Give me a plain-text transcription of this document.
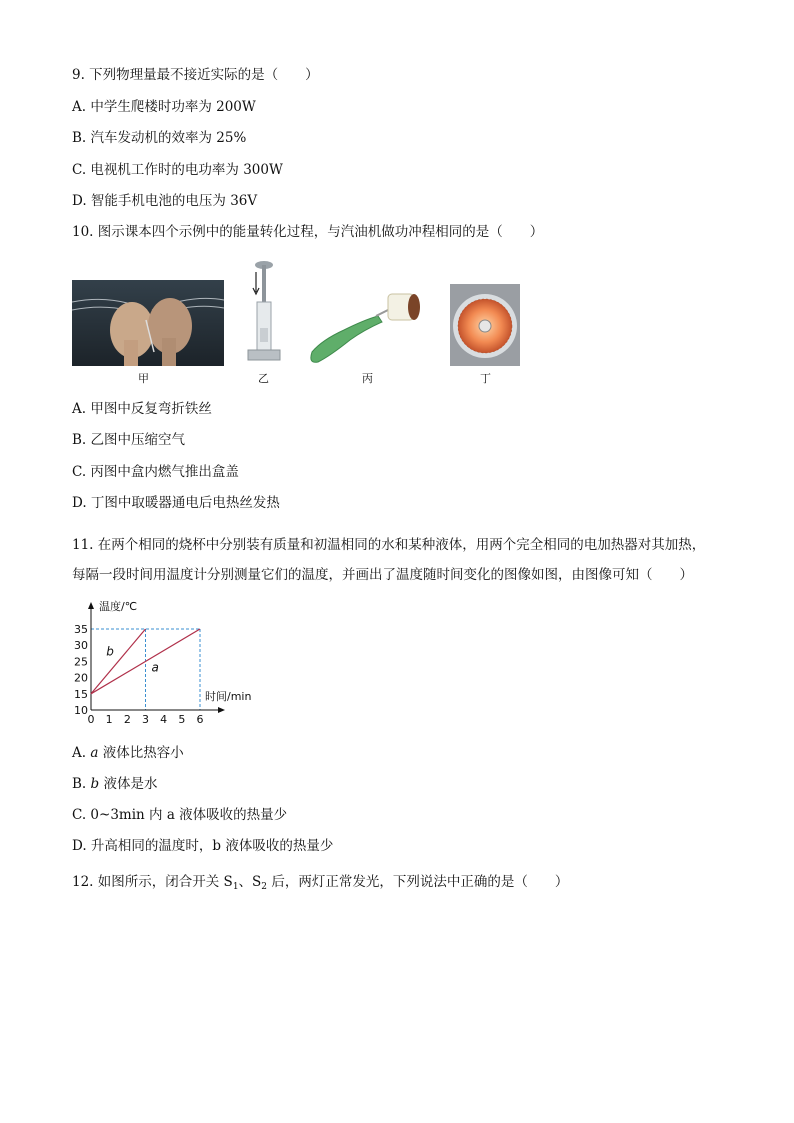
9. 下列物理量最不接近实际的是（　　）
A. 中学生爬楼时功率为 200W
B. 汽车发动机的效率为 25%
C. 电视机工作时的电功率为 300W
D. 智能手机电池的电压为 36V
10. 图示课本四个示例中的能量转化过程，与汽油机做功冲程相同的是（　　）
甲	乙	丙	丁
A. 甲图中反复弯折铁丝
B. 乙图中压缩空气
C. 丙图中盒内燃气推出盒盖
D. 丁图中取暖器通电后电热丝发热
11. 在两个相同的烧杯中分别装有质量和初温相同的水和某种液体，用两个完全相同的电加热器对其加热，
每隔一段时间用温度计分别测量它们的温度，并画出了温度随时间变化的图像如图，由图像可知（　　）
10
15
20
25
30
35
0 1 2 3 4 5 6
b
a
温度/℃
时间/min
A. a 液体比热容小
B. b 液体是水
C. 0~3min 内 a 液体吸收的热量少
D. 升高相同的温度时，b 液体吸收的热量少
12. 如图所示，闭合开关 $S_1$、$S_2$ 后，两灯正常发光，下列说法中正确的是（　　）
